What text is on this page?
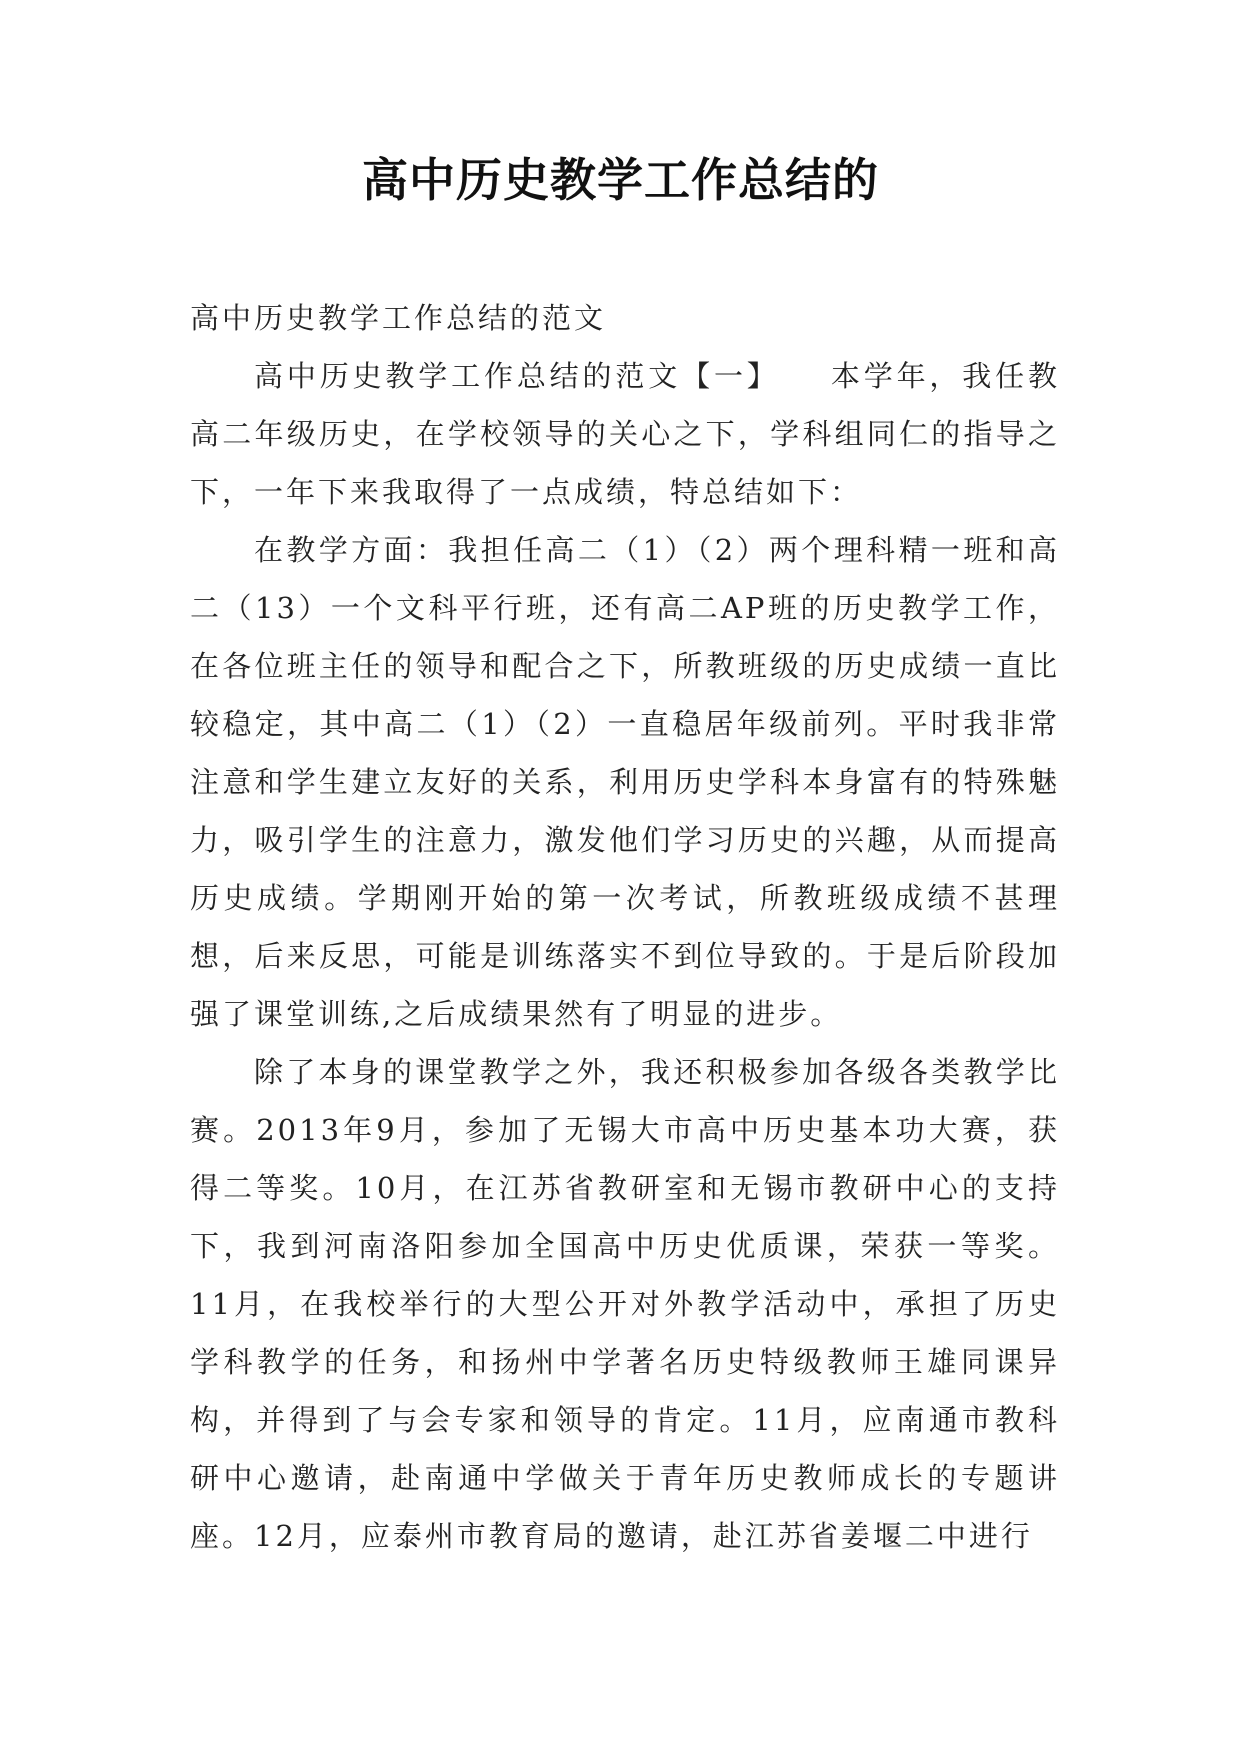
高中历史教学工作总结的
高中历史教学工作总结的范文

高中历史教学工作总结的范文【一】　　本学年，我任教高二年级历史，在学校领导的关心之下，学科组同仁的指导之下，一年下来我取得了一点成绩，特总结如下：

在教学方面：我担任高二（1）（2）两个理科精一班和高二（13）一个文科平行班，还有高二AP班的历史教学工作，在各位班主任的领导和配合之下，所教班级的历史成绩一直比较稳定，其中高二（1）（2）一直稳居年级前列。平时我非常注意和学生建立友好的关系，利用历史学科本身富有的特殊魅力，吸引学生的注意力，激发他们学习历史的兴趣，从而提高历史成绩。学期刚开始的第一次考试，所教班级成绩不甚理想，后来反思，可能是训练落实不到位导致的。于是后阶段加强了课堂训练,之后成绩果然有了明显的进步。

除了本身的课堂教学之外，我还积极参加各级各类教学比赛。2013年9月，参加了无锡大市高中历史基本功大赛，获得二等奖。10月，在江苏省教研室和无锡市教研中心的支持下，我到河南洛阳参加全国高中历史优质课，荣获一等奖。11月，在我校举行的大型公开对外教学活动中，承担了历史学科教学的任务，和扬州中学著名历史特级教师王雄同课异构，并得到了与会专家和领导的肯定。11月，应南通市教科研中心邀请，赴南通中学做关于青年历史教师成长的专题讲座。12月，应泰州市教育局的邀请，赴江苏省姜堰二中进行
